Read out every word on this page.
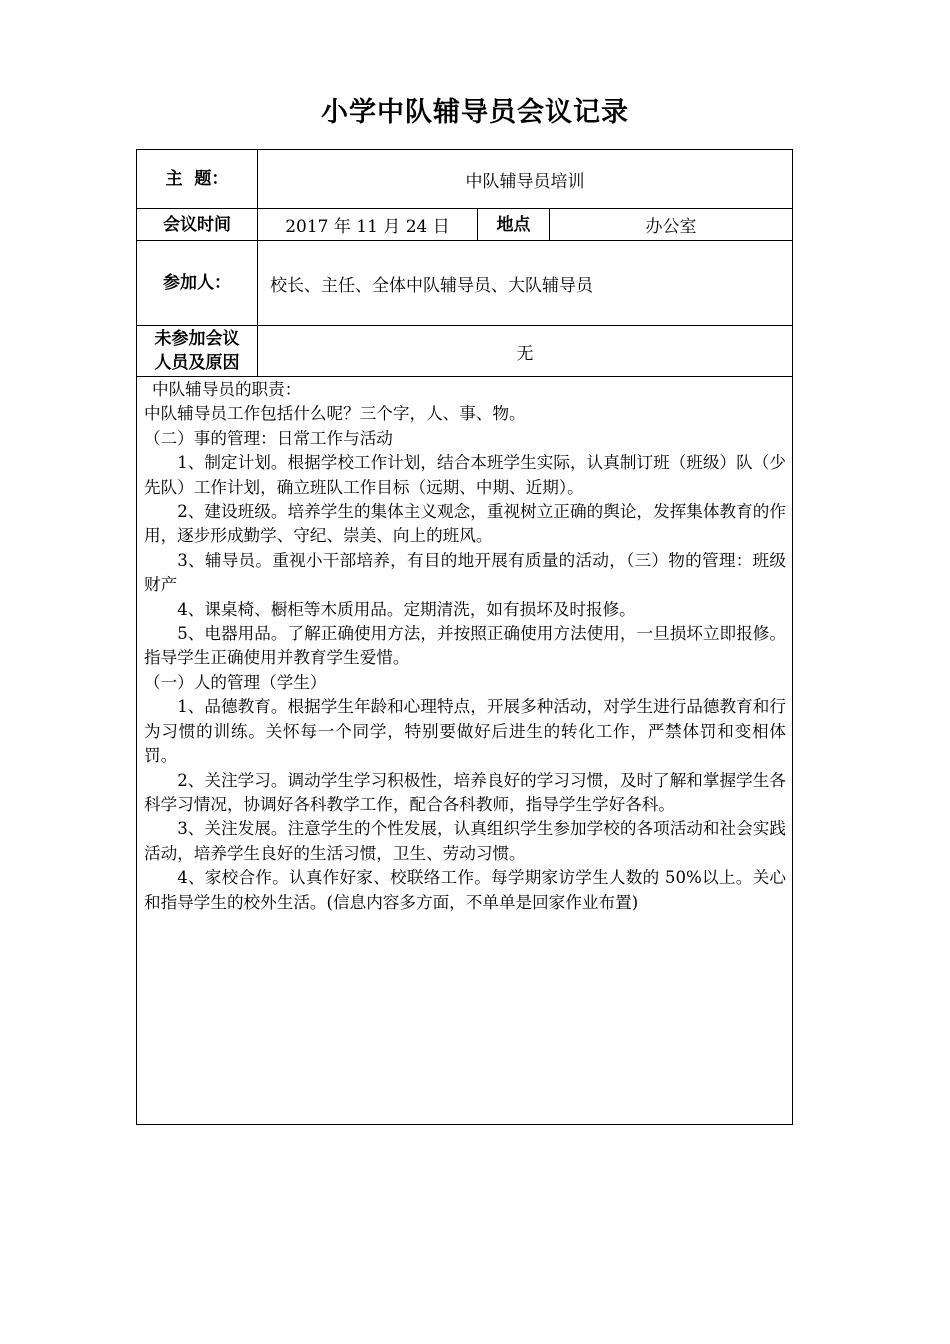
小学中队辅导员会议记录
主  题：	中队辅导员培训
会议时间	2017 年 11 月 24 日	地点	办公室
参加人：	校长、主任、全体中队辅导员、大队辅导员
未参加会议
人员及原因	无

中队辅导员的职责：

中队辅导员工作包括什么呢？三个字，人、事、物。

（二）事的管理：日常工作与活动

1、制定计划。根据学校工作计划，结合本班学生实际，认真制订班（班级）队（少先队）工作计划，确立班队工作目标（远期、中期、近期）。

2、建设班级。培养学生的集体主义观念，重视树立正确的舆论，发挥集体教育的作用，逐步形成勤学、守纪、崇美、向上的班风。

3、辅导员。重视小干部培养，有目的地开展有质量的活动，（三）物的管理：班级财产

4、课桌椅、橱柜等木质用品。定期清洗，如有损坏及时报修。

5、电器用品。了解正确使用方法，并按照正确使用方法使用，一旦损坏立即报修。指导学生正确使用并教育学生爱惜。

（一）人的管理（学生）

1、品德教育。根据学生年龄和心理特点，开展多种活动，对学生进行品德教育和行为习惯的训练。关怀每一个同学，特别要做好后进生的转化工作，严禁体罚和变相体罚。

2、关注学习。调动学生学习积极性，培养良好的学习习惯，及时了解和掌握学生各科学习情况，协调好各科教学工作，配合各科教师，指导学生学好各科。

3、关注发展。注意学生的个性发展，认真组织学生参加学校的各项活动和社会实践活动，培养学生良好的生活习惯，卫生、劳动习惯。

4、家校合作。认真作好家、校联络工作。每学期家访学生人数的 50%以上。关心和指导学生的校外生活。(信息内容多方面，不单单是回家作业布置)
